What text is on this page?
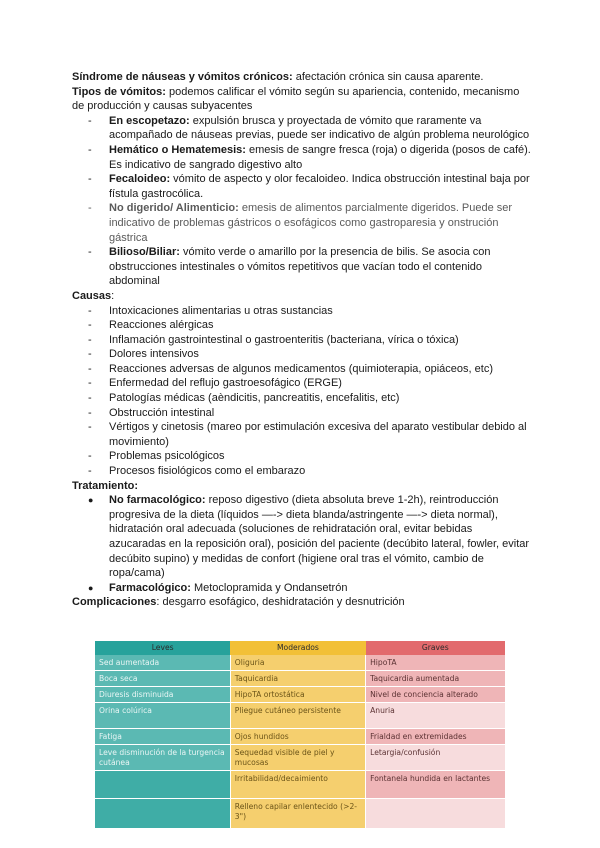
Síndrome de náuseas y vómitos crónicos: afectación crónica sin causa aparente.

Tipos de vómitos: podemos calificar el vómito según su apariencia, contenido, mecanismo de producción y causas subyacentes

- En escopetazo: expulsión brusca y proyectada de vómito que raramente va acompañado de náuseas previas, puede ser indicativo de algún problema neurológico
- Hemático o Hematemesis: emesis de sangre fresca (roja) o digerida (posos de café). Es indicativo de sangrado digestivo alto
- Fecaloideo: vómito de aspecto y olor fecaloideo. Indica obstrucción intestinal baja por fístula gastrocólica.
- No digerido/ Alimenticio: emesis de alimentos parcialmente digeridos. Puede ser indicativo de problemas gástricos o esofágicos como gastroparesia y onstrución gástrica
- Bilioso/Biliar: vómito verde o amarillo por la presencia de bilis. Se asocia con obstrucciones intestinales o vómitos repetitivos que vacían todo el contenido abdominal

Causas:

- Intoxicaciones alimentarias u otras sustancias
- Reacciones alérgicas
- Inflamación gastrointestinal o gastroenteritis (bacteriana, vírica o tóxica)
- Dolores intensivos
- Reacciones adversas de algunos medicamentos (quimioterapia, opiáceos, etc)
- Enfermedad del reflujo gastroesofágico (ERGE)
- Patologías médicas (aèndicitis, pancreatitis, encefalitis, etc)
- Obstrucción intestinal
- Vértigos y cinetosis (mareo por estimulación excesiva del aparato vestibular debido al movimiento)
- Problemas psicológicos
- Procesos fisiológicos como el embarazo

Tratamiento:

● No farmacológico: reposo digestivo (dieta absoluta breve 1-2h), reintroducción progresiva de la dieta (líquidos —-> dieta blanda/astringente —-> dieta normal), hidratación oral adecuada (soluciones de rehidratación oral, evitar bebidas azucaradas en la reposición oral), posición del paciente (decúbito lateral, fowler, evitar decúbito supino) y medidas de confort (higiene oral tras el vómito, cambio de ropa/cama)
● Farmacológico: Metoclopramida y Ondansetrón

Complicaciones: desgarro esofágico, deshidratación y desnutrición

Leves	Moderados	Graves
Sed aumentada	Oliguria	HipoTA
Boca seca	Taquicardia	Taquicardia aumentada
Diuresis disminuida	HipoTA ortostática	Nivel de conciencia alterado
Orina colúrica	Pliegue cutáneo persistente	Anuria
Fatiga	Ojos hundidos	Frialdad en extremidades
Leve disminución de la turgencia cutánea	Sequedad visible de piel y mucosas	Letargia/confusión
	Irritabilidad/decaimiento	Fontanela hundida en lactantes
	Relleno capilar enlentecido (>2-3")	
